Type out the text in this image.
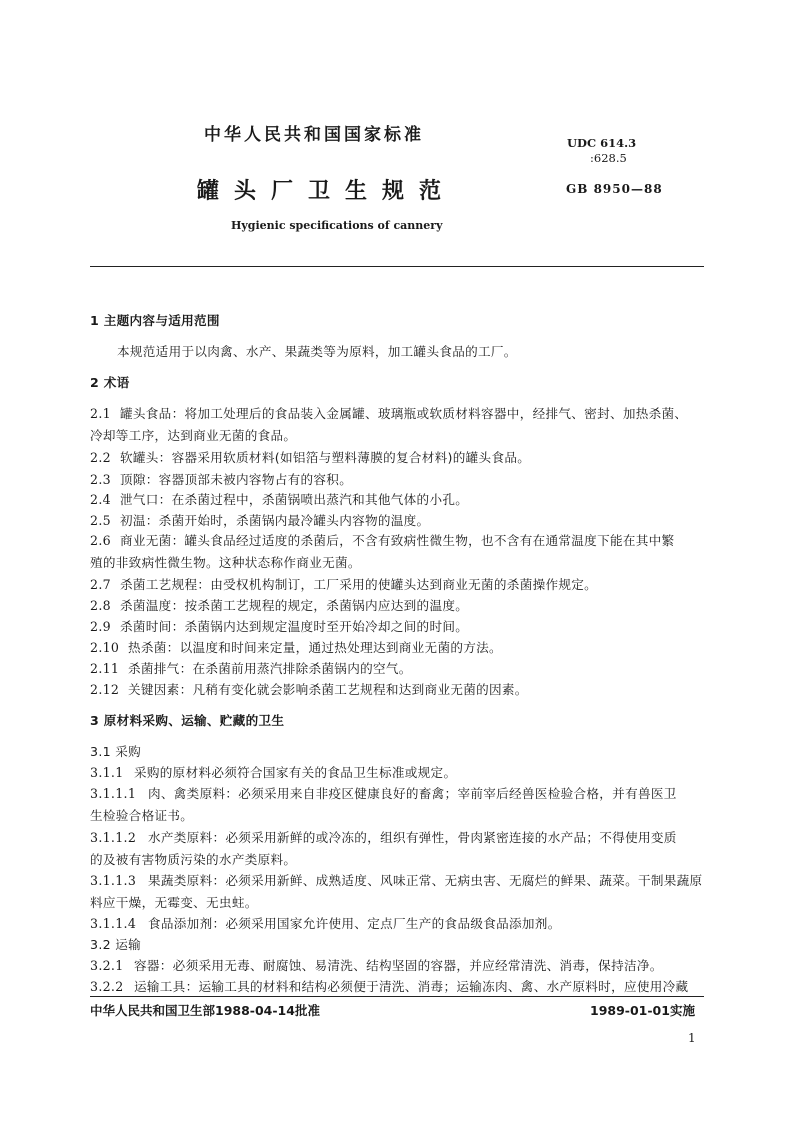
中华人民共和国国家标准	UDC 614.3
:628.5
罐头厂卫生规范	GB 8950—88
Hygienic specifications of cannery
1 主题内容与适用范围
本规范适用于以肉禽、水产、果蔬类等为原料，加工罐头食品的工厂。
2 术语
2.1 罐头食品：将加工处理后的食品装入金属罐、玻璃瓶或软质材料容器中，经排气、密封、加热杀菌、
冷却等工序，达到商业无菌的食品。
2.2 软罐头：容器采用软质材料(如铝箔与塑料薄膜的复合材料)的罐头食品。
2.3 顶隙：容器顶部未被内容物占有的容积。
2.4 泄气口：在杀菌过程中，杀菌锅喷出蒸汽和其他气体的小孔。
2.5 初温：杀菌开始时，杀菌锅内最冷罐头内容物的温度。
2.6 商业无菌：罐头食品经过适度的杀菌后，不含有致病性微生物，也不含有在通常温度下能在其中繁
殖的非致病性微生物。这种状态称作商业无菌。
2.7 杀菌工艺规程：由受权机构制订，工厂采用的使罐头达到商业无菌的杀菌操作规定。
2.8 杀菌温度：按杀菌工艺规程的规定，杀菌锅内应达到的温度。
2.9 杀菌时间：杀菌锅内达到规定温度时至开始冷却之间的时间。
2.10 热杀菌：以温度和时间来定量，通过热处理达到商业无菌的方法。
2.11 杀菌排气：在杀菌前用蒸汽排除杀菌锅内的空气。
2.12 关键因素：凡稍有变化就会影响杀菌工艺规程和达到商业无菌的因素。
3 原材料采购、运输、贮藏的卫生
3.1 采购
3.1.1 采购的原材料必须符合国家有关的食品卫生标准或规定。
3.1.1.1 肉、禽类原料：必须采用来自非疫区健康良好的畜禽；宰前宰后经兽医检验合格，并有兽医卫
生检验合格证书。
3.1.1.2 水产类原料：必须采用新鲜的或冷冻的，组织有弹性，骨肉紧密连接的水产品；不得使用变质
的及被有害物质污染的水产类原料。
3.1.1.3 果蔬类原料：必须采用新鲜、成熟适度、风味正常、无病虫害、无腐烂的鲜果、蔬菜。干制果蔬原
料应干燥，无霉变、无虫蛀。
3.1.1.4 食品添加剂：必须采用国家允许使用、定点厂生产的食品级食品添加剂。
3.2 运输
3.2.1 容器：必须采用无毒、耐腐蚀、易清洗、结构坚固的容器，并应经常清洗、消毒，保持洁净。
3.2.2 运输工具：运输工具的材料和结构必须便于清洗、消毒；运输冻肉、禽、水产原料时，应使用冷藏
中华人民共和国卫生部1988-04-14批准	1989-01-01实施
1
